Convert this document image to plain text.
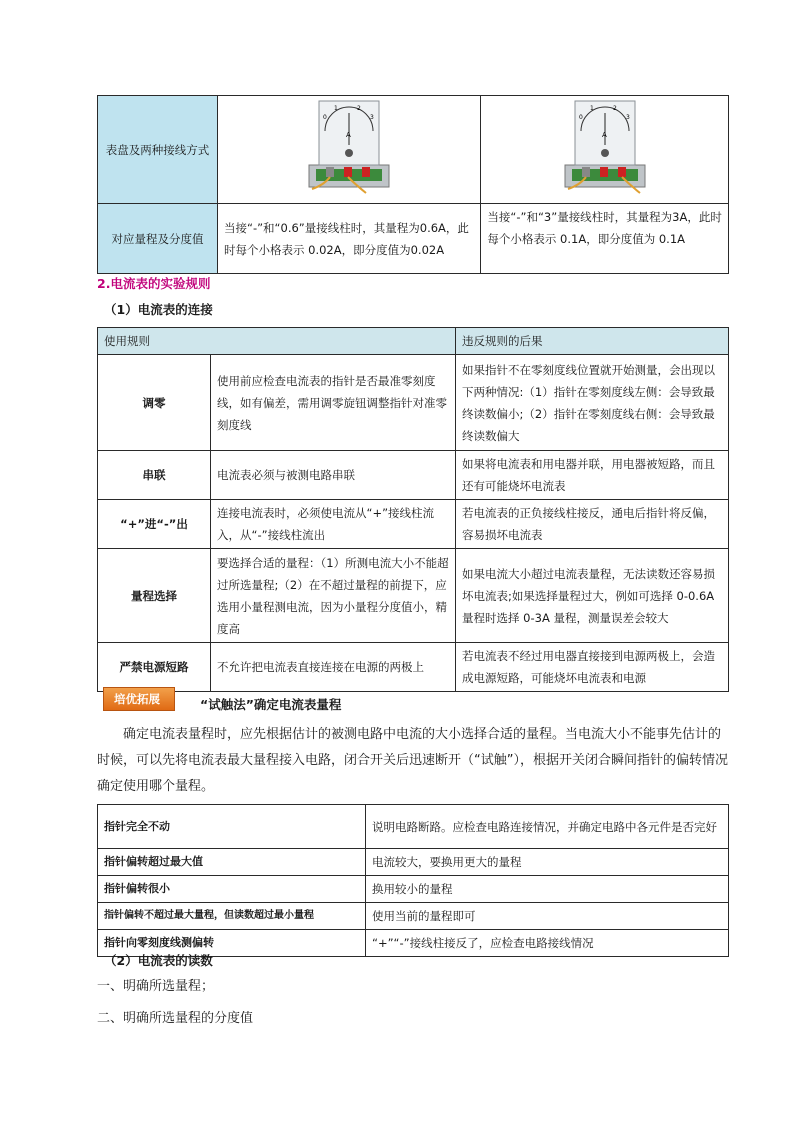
表盘及两种接线方式	0
1 2
3
A	0
1 2
3
A

对应量程及分度值	当接“-”和“0.6”量接线柱时，其量程为0.6A，此时每个小格表示 0.02A，即分度值为0.02A	当接“-”和“3”量接线柱时，其量程为3A，此时每个小格表示 0.1A，即分度值为 0.1A
2.电流表的实验规则
（1）电流表的连接
使用规则		违反规则的后果
调零	使用前应检查电流表的指针是否最准零刻度线，如有偏差，需用调零旋钮调整指针对准零刻度线	如果指针不在零刻度线位置就开始测量，会出现以下两种情况:（1）指针在零刻度线左侧：会导致最终读数偏小;（2）指针在零刻度线右侧：会导致最终读数偏大
串联	电流表必须与被测电路串联	如果将电流表和用电器并联，用电器被短路，而且还有可能烧坏电流表
“+”进“-”出	连接电流表时，必须使电流从“+”接线柱流入，从“-”接线柱流出	若电流表的正负接线柱接反，通电后指针将反偏，容易损坏电流表
量程选择	要选择合适的量程：（1）所测电流大小不能超过所选量程;（2）在不超过量程的前提下，应选用小量程测电流，因为小量程分度值小，精度高	如果电流大小超过电流表量程，无法读数还容易损坏电流表;如果选择量程过大，例如可选择 0-0.6A 量程时选择 0-3A 量程，测量误差会较大
严禁电源短路	不允许把电流表直接连接在电源的两极上	若电流表不经过用电器直接接到电源两极上，会造成电源短路，可能烧坏电流表和电源
培优拓展	“试触法”确定电流表量程
确定电流表量程时，应先根据估计的被测电路中电流的大小选择合适的量程。当电流大小不能事先估计的时候，可以先将电流表最大量程接入电路，闭合开关后迅速断开（“试触”），根据开关闭合瞬间指针的偏转情况确定使用哪个量程。
指针完全不动	说明电路断路。应检查电路连接情况，并确定电路中各元件是否完好
指针偏转超过最大值	电流较大，要换用更大的量程
指针偏转很小	换用较小的量程
指针偏转不超过最大量程，但读数超过最小量程	使用当前的量程即可
指针向零刻度线测偏转	“+”“-”接线柱接反了，应检查电路接线情况
（2）电流表的读数
一、明确所选量程；
二、明确所选量程的分度值
